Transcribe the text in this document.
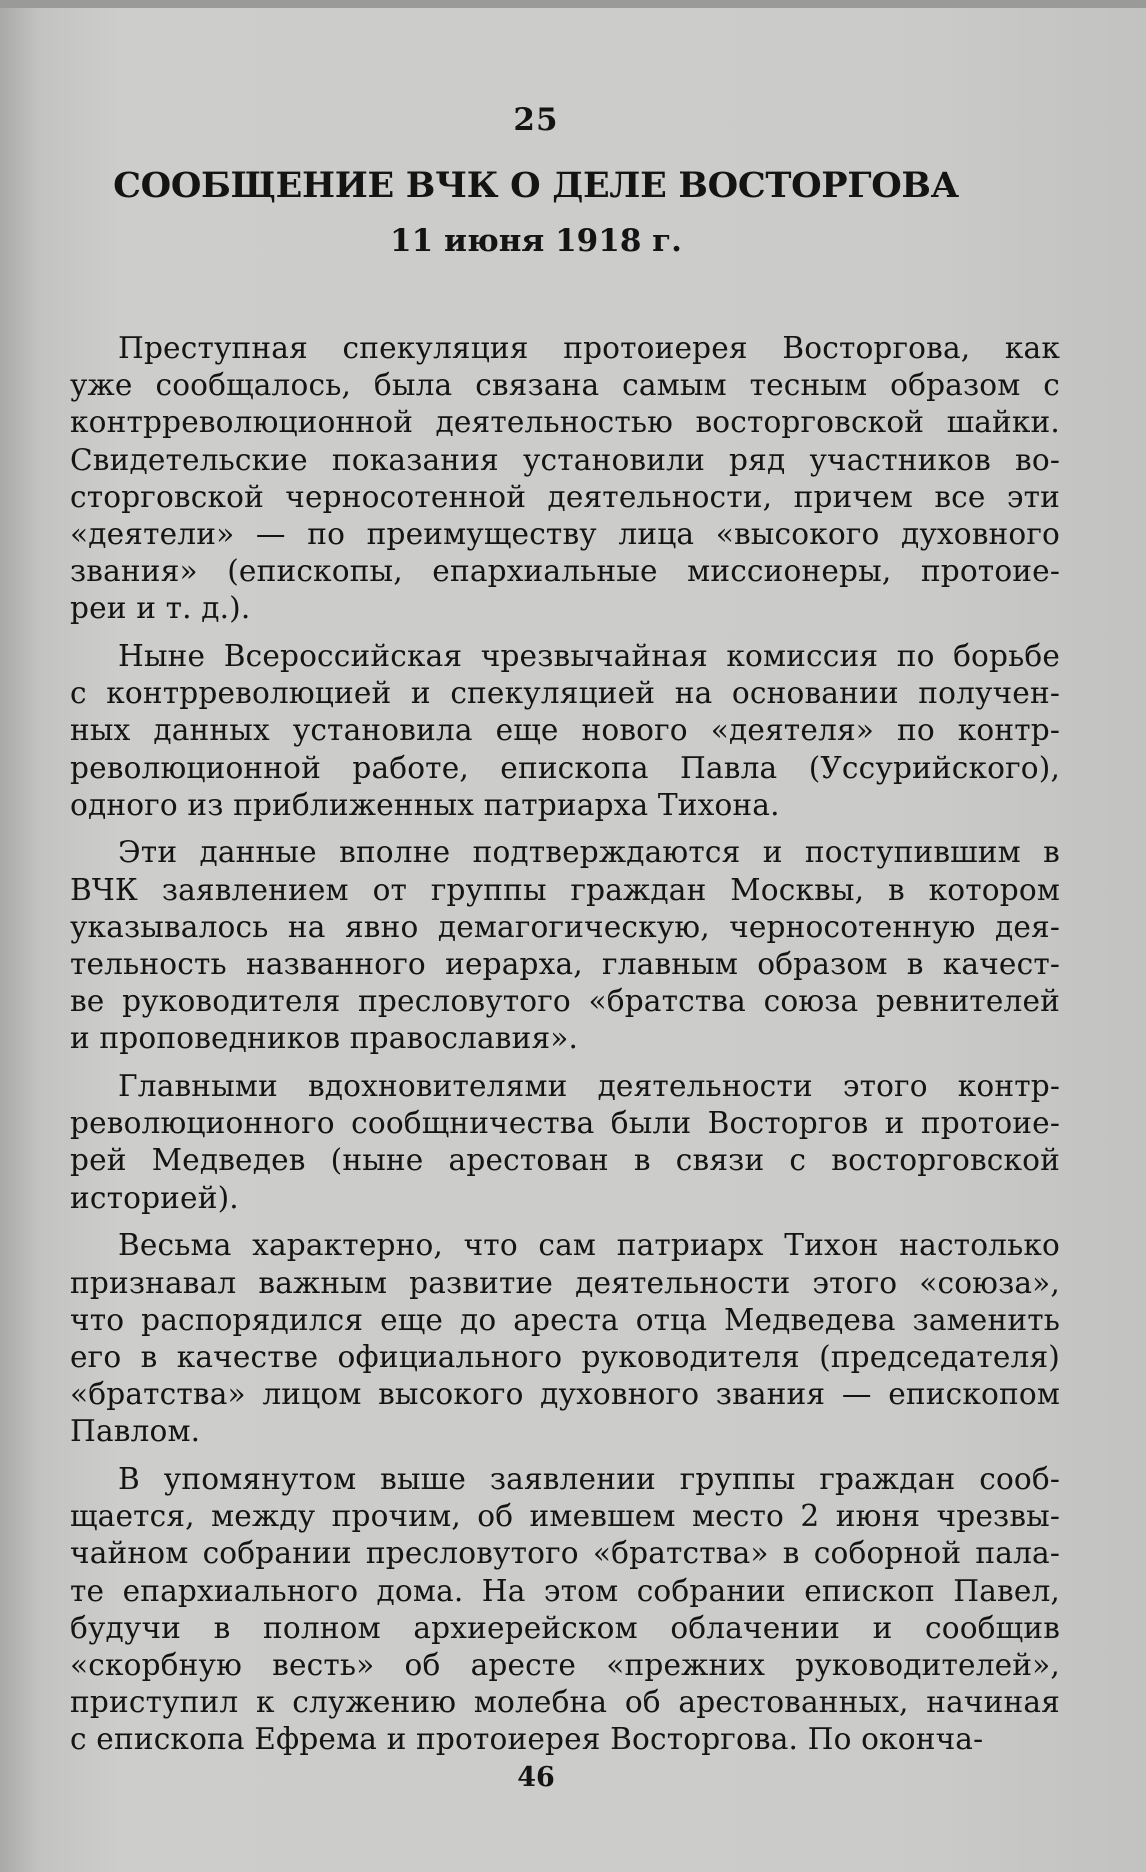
25
СООБЩЕНИЕ ВЧК О ДЕЛЕ ВОСТОРГОВА
11 июня 1918 г.
Преступная спекуляция протоиерея Восторгова, как
уже сообщалось, была связана самым тесным образом с
контрреволюционной деятельностью восторговской шайки.
Свидетельские показания установили ряд участников во-
сторговской черносотенной деятельности, причем все эти
«деятели» — по преимуществу лица «высокого духовного
звания» (епископы, епархиальные миссионеры, протоие-
реи и т. д.).
Ныне Всероссийская чрезвычайная комиссия по борьбе
с контрреволюцией и спекуляцией на основании получен-
ных данных установила еще нового «деятеля» по контр-
революционной работе, епископа Павла (Уссурийского),
одного из приближенных патриарха Тихона.
Эти данные вполне подтверждаются и поступившим в
ВЧК заявлением от группы граждан Москвы, в котором
указывалось на явно демагогическую, черносотенную дея-
тельность названного иерарха, главным образом в качест-
ве руководителя пресловутого «братства союза ревнителей
и проповедников православия».
Главными вдохновителями деятельности этого контр-
революционного сообщничества были Восторгов и протоие-
рей Медведев (ныне арестован в связи с восторговской
историей).
Весьма характерно, что сам патриарх Тихон настолько
признавал важным развитие деятельности этого «союза»,
что распорядился еще до ареста отца Медведева заменить
его в качестве официального руководителя (председателя)
«братства» лицом высокого духовного звания — епископом
Павлом.
В упомянутом выше заявлении группы граждан сооб-
щается, между прочим, об имевшем место 2 июня чрезвы-
чайном собрании пресловутого «братства» в соборной пала-
те епархиального дома. На этом собрании епископ Павел,
будучи в полном архиерейском облачении и сообщив
«скорбную весть» об аресте «прежних руководителей»,
приступил к служению молебна об арестованных, начиная
с епископа Ефрема и протоиерея Восторгова. По оконча-
46
